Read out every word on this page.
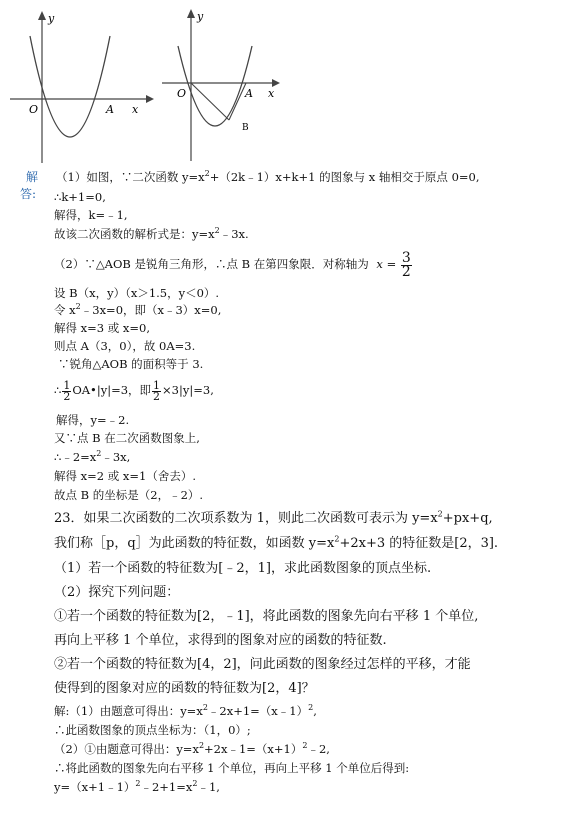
y
O	A x
y
O	A x
B
解
答:
（1）如图，∵二次函数 $y=x^2+(2k﹣1)x+k+1$ 的图象与 x 轴相交于原点 0=0,
∴k+1=0,
解得，k=﹣1,
故该二次函数的解析式是：$y=x^2﹣3x$.
（2）∵△AOB 是锐角三角形，∴点 B 在第四象限．对称轴为 $x = \frac{3}{2}$
设 B（x，y）（x＞1.5，y＜0）.
令 $x^2﹣3x=0$，即（x﹣3）x=0,
解得 x=3 或 x=0,
则点 A（3，0），故 0A=3.
∵锐角△AOB 的面积等于 3.
∴ $\frac{1}{2}$ OA•|y|=3，即 $\frac{1}{2} \times 3|y|=3$,
解得，y=﹣2.
又∵点 B 在二次函数图象上,
$\therefore﹣2=x^2﹣3x$,
解得 x=2 或 x=1（舍去）.
故点 B 的坐标是（2，﹣2）.
23．如果二次函数的二次项系数为 1，则此二次函数可表示为 $y=x^2+px+q$,
我们称［p，q］为此函数的特征数，如函数 $y=x^2+2x+3$ 的特征数是[2，3].
（1）若一个函数的特征数为[﹣2，1]，求此函数图象的顶点坐标.
（2）探究下列问题：
①若一个函数的特征数为[2，﹣1]，将此函数的图象先向右平移 1 个单位,
再向上平移 1 个单位，求得到的图象对应的函数的特征数.
②若一个函数的特征数为[4，2]，问此函数的图象经过怎样的平移，才能
使得到的图象对应的函数的特征数为[2，4]？
解:（1）由题意可得出：$y=x^2﹣2x+1=(x﹣1)^2$,
∴此函数图象的顶点坐标为：（1，0）;
（2）①由题意可得出：$y=x^2+2x﹣1=(x+1)^2﹣2$,
∴将此函数的图象先向右平移 1 个单位，再向上平移 1 个单位后得到:
$y=(x+1﹣1)^2﹣2+1=x^2﹣1$,
